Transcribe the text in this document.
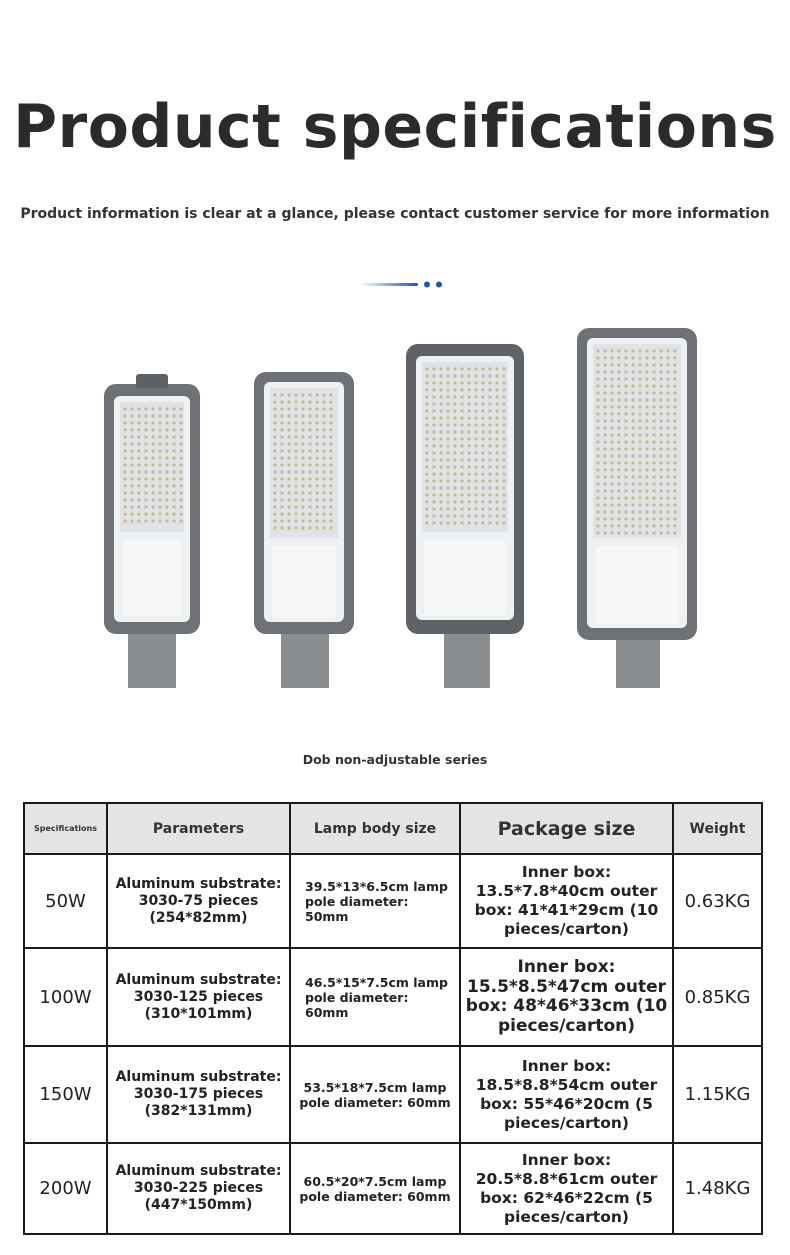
Product specifications
Product information is clear at a glance, please contact customer service for more information
Dob non-adjustable series
Specifications	Parameters	Lamp body size	Package size	Weight
50W	Aluminum substrate: 3030-75 pieces (254*82mm)	39.5*13*6.5cm lamp pole diameter: 50mm	Inner box: 13.5*7.8*40cm outer box: 41*41*29cm (10 pieces/carton)	0.63KG
100W	Aluminum substrate: 3030-125 pieces (310*101mm)	46.5*15*7.5cm lamp pole diameter: 60mm	Inner box: 15.5*8.5*47cm outer box: 48*46*33cm (10 pieces/carton)	0.85KG
150W	Aluminum substrate: 3030-175 pieces (382*131mm)	53.5*18*7.5cm lamp pole diameter: 60mm	Inner box: 18.5*8.8*54cm outer box: 55*46*20cm (5 pieces/carton)	1.15KG
200W	Aluminum substrate: 3030-225 pieces (447*150mm)	60.5*20*7.5cm lamp pole diameter: 60mm	Inner box: 20.5*8.8*61cm outer box: 62*46*22cm (5 pieces/carton)	1.48KG
